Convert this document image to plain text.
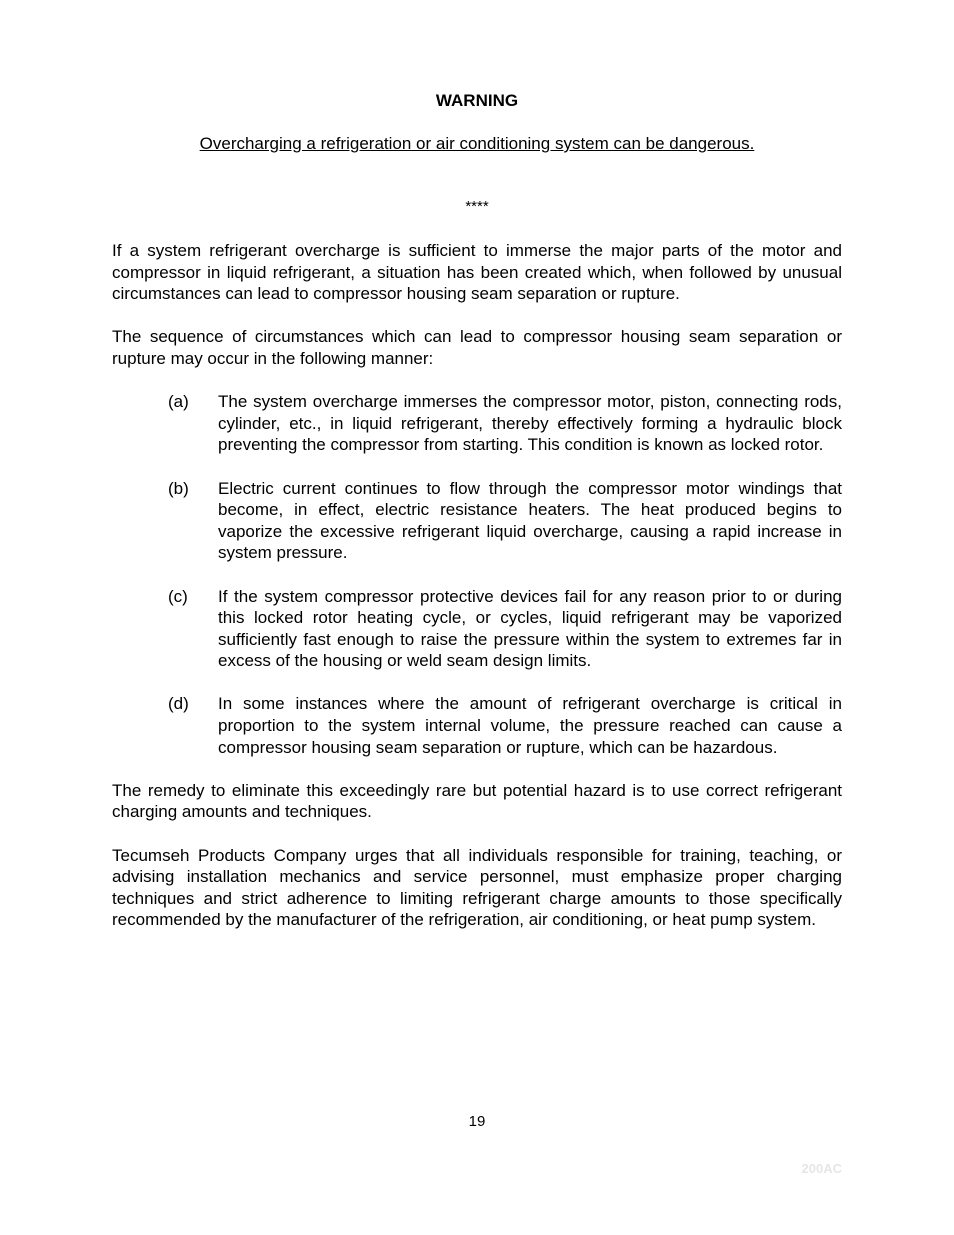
WARNING
Overcharging a refrigeration or air conditioning system can be dangerous.
****

If a system refrigerant overcharge is sufficient to immerse the major parts of the motor and compressor in liquid refrigerant, a situation has been created which, when followed by unusual circumstances can lead to compressor housing seam separation or rupture.

The sequence of circumstances which can lead to compressor housing seam separation or rupture may occur in the following manner:

(a)	The system overcharge immerses the compressor motor, piston, connecting rods, cylinder, etc., in liquid refrigerant, thereby effectively forming a hydraulic block preventing the compressor from starting. This condition is known as locked rotor.
(b)	Electric current continues to flow through the compressor motor windings that become, in effect, electric resistance heaters. The heat produced begins to vaporize the excessive refrigerant liquid overcharge, causing a rapid increase in system pressure.
(c)	If the system compressor protective devices fail for any reason prior to or during this locked rotor heating cycle, or cycles, liquid refrigerant may be vaporized sufficiently fast enough to raise the pressure within the system to extremes far in excess of the housing or weld seam design limits.
(d)	In some instances where the amount of refrigerant overcharge is critical in proportion to the system internal volume, the pressure reached can cause a compressor housing seam separation or rupture, which can be hazardous.

The remedy to eliminate this exceedingly rare but potential hazard is to use correct refrigerant charging amounts and techniques.

Tecumseh Products Company urges that all individuals responsible for training, teaching, or advising installation mechanics and service personnel, must emphasize proper charging techniques and strict adherence to limiting refrigerant charge amounts to those specifically recommended by the manufacturer of the refrigeration, air conditioning, or heat pump system.

19
200AC
